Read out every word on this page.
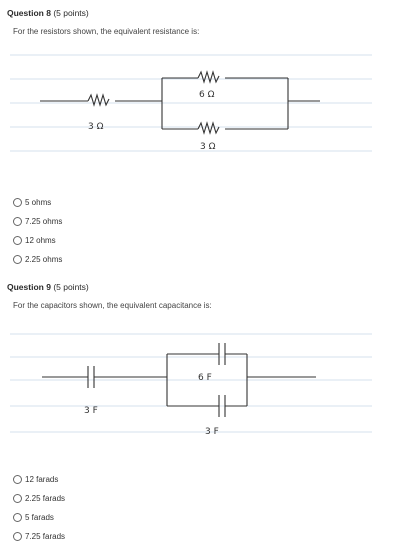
Question 8 (5 points)
For the resistors shown, the equivalent resistance is:
6 Ω
3 Ω
3 Ω
5 ohms
7.25 ohms
12 ohms
2.25 ohms
Question 9 (5 points)
For the capacitors shown, the equivalent capacitance is:
6 F
3 F
3 F
12 farads
2.25 farads
5 farads
7.25 farads
